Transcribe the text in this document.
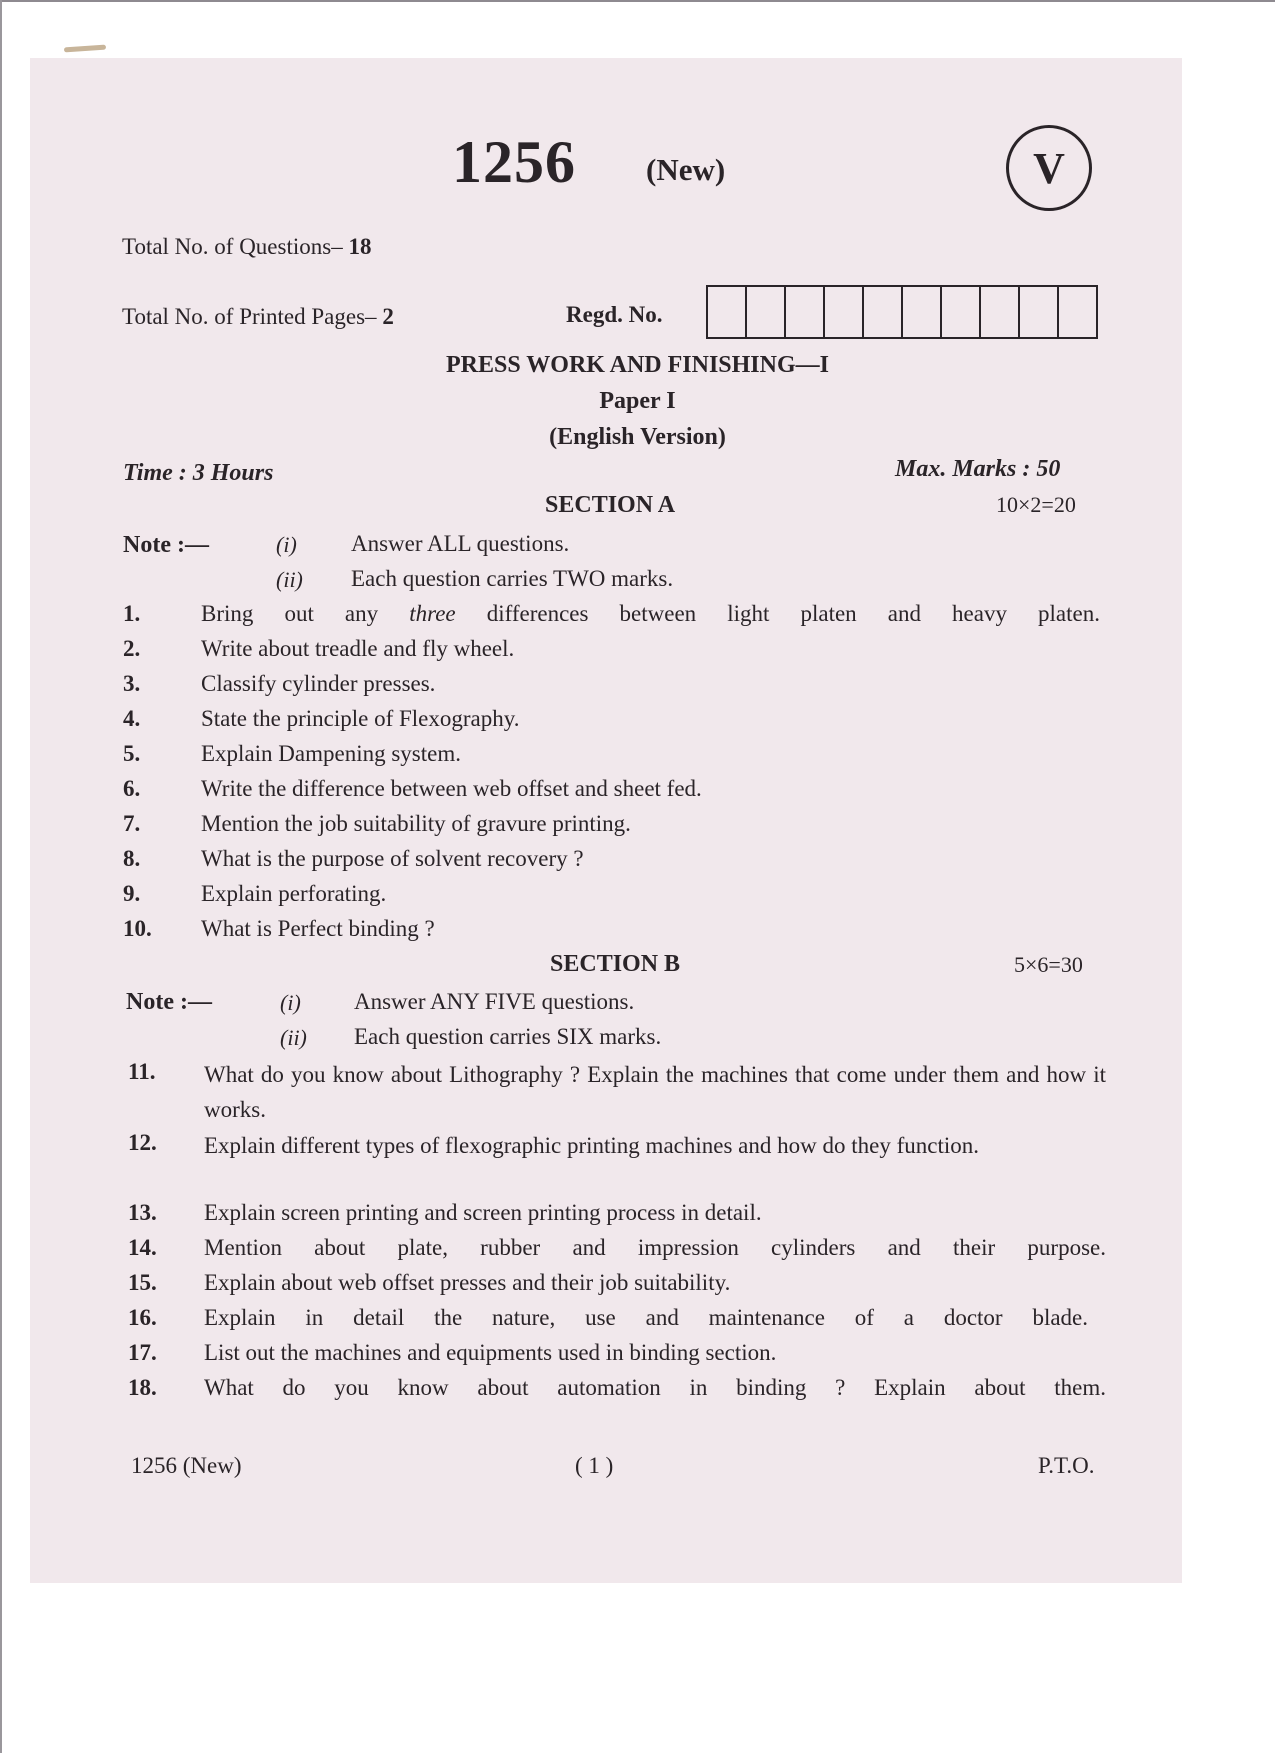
1256 (New)	V
Total No. of Questions– 18
Total No. of Printed Pages– 2	Regd. No.
PRESS WORK AND FINISHING—I
Paper I
(English Version)
Time : 3 Hours	Max. Marks : 50
SECTION A	10×2=20
Note :—	(i) Answer ALL questions.
(ii) Each question carries TWO marks.
1.	Bring out any three differences between light platen and heavy platen.
2.	Write about treadle and fly wheel.
3.	Classify cylinder presses.
4.	State the principle of Flexography.
5.	Explain Dampening system.
6.	Write the difference between web offset and sheet fed.
7.	Mention the job suitability of gravure printing.
8.	What is the purpose of solvent recovery ?
9.	Explain perforating.
10. What is Perfect binding ?
SECTION B	5×6=30
Note :—	(i) Answer ANY FIVE questions.
(ii) Each question carries SIX marks.
11. What do you know about Lithography ? Explain the machines that come under them and how it works.
12. Explain different types of flexographic printing machines and how do they function.
13. Explain screen printing and screen printing process in detail.
14. Mention about plate, rubber and impression cylinders and their purpose.
15. Explain about web offset presses and their job suitability.
16. Explain in detail the nature, use and maintenance of a doctor blade.
17. List out the machines and equipments used in binding section.
18. What do you know about automation in binding ? Explain about them.
1256 (New)	( 1 )	P.T.O.
